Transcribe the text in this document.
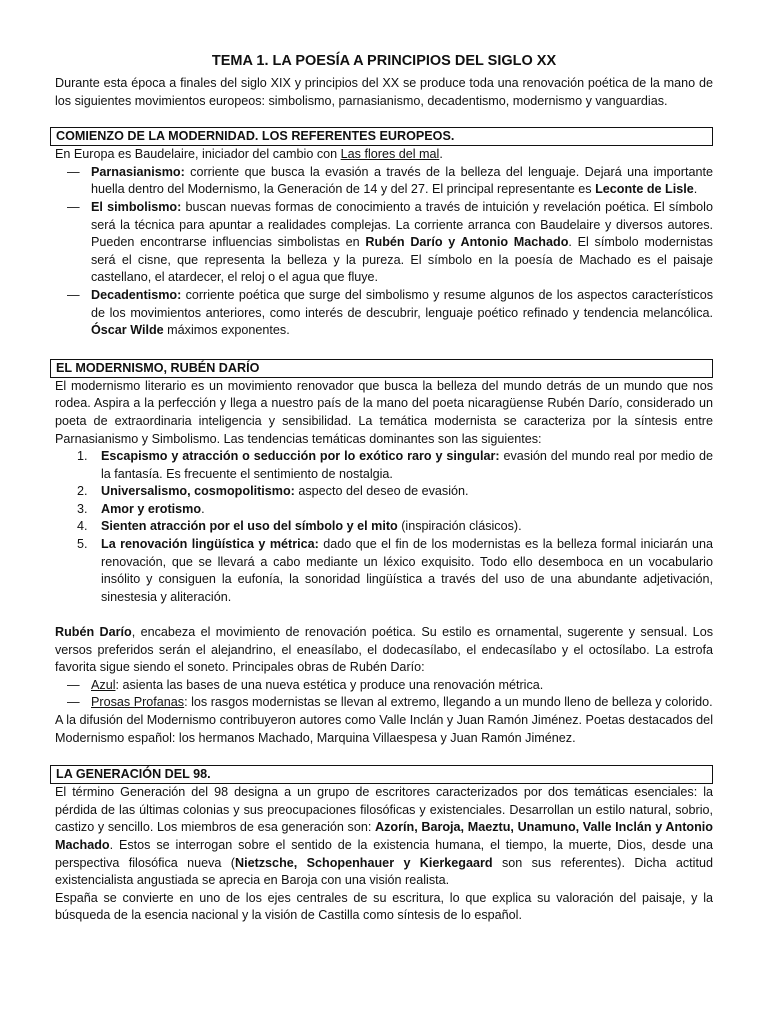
TEMA 1. LA POESÍA A PRINCIPIOS DEL SIGLO XX

Durante esta época a finales del siglo XIX y principios del XX se produce toda una renovación poética de la mano de los siguientes movimientos europeos: simbolismo, parnasianismo, decadentismo, modernismo y vanguardias.

COMIENZO DE LA MODERNIDAD. LOS REFERENTES EUROPEOS.

En Europa es Baudelaire, iniciador del cambio con Las flores del mal.

— Parnasianismo: corriente que busca la evasión a través de la belleza del lenguaje. Dejará una importante huella dentro del Modernismo, la Generación de 14 y del 27. El principal representante es Leconte de Lisle.
— El simbolismo: buscan nuevas formas de conocimiento a través de intuición y revelación poética. El símbolo será la técnica para apuntar a realidades complejas. La corriente arranca con Baudelaire y diversos autores. Pueden encontrarse influencias simbolistas en Rubén Darío y Antonio Machado. El símbolo modernistas será el cisne, que representa la belleza y la pureza. El símbolo en la poesía de Machado es el paisaje castellano, el atardecer, el reloj o el agua que fluye.
— Decadentismo: corriente poética que surge del simbolismo y resume algunos de los aspectos característicos de los movimientos anteriores, como interés de descubrir, lenguaje poético refinado y tendencia melancólica. Óscar Wilde máximos exponentes.
EL MODERNISMO, RUBÉN DARÍO

El modernismo literario es un movimiento renovador que busca la belleza del mundo detrás de un mundo que nos rodea. Aspira a la perfección y llega a nuestro país de la mano del poeta nicaragüense Rubén Darío, considerado un poeta de extraordinaria inteligencia y sensibilidad. La temática modernista se caracteriza por la síntesis entre Parnasianismo y Simbolismo. Las tendencias temáticas dominantes son las siguientes:

1. Escapismo y atracción o seducción por lo exótico raro y singular: evasión del mundo real por medio de la fantasía. Es frecuente el sentimiento de nostalgia.
2. Universalismo, cosmopolitismo: aspecto del deseo de evasión.
3. Amor y erotismo.
4. Sienten atracción por el uso del símbolo y el mito (inspiración clásicos).
5. La renovación lingüística y métrica: dado que el fin de los modernistas es la belleza formal iniciarán una renovación, que se llevará a cabo mediante un léxico exquisito. Todo ello desemboca en un vocabulario insólito y consiguen la eufonía, la sonoridad lingüística a través del uso de una abundante adjetivación, sinestesia y aliteración.

Rubén Darío, encabeza el movimiento de renovación poética. Su estilo es ornamental, sugerente y sensual. Los versos preferidos serán el alejandrino, el eneasílabo, el dodecasílabo, el endecasílabo y el octosílabo. La estrofa favorita sigue siendo el soneto. Principales obras de Rubén Darío:

— Azul: asienta las bases de una nueva estética y produce una renovación métrica.
— Prosas Profanas: los rasgos modernistas se llevan al extremo, llegando a un mundo lleno de belleza y colorido.

A la difusión del Modernismo contribuyeron autores como Valle Inclán y Juan Ramón Jiménez. Poetas destacados del Modernismo español: los hermanos Machado, Marquina Villaespesa y Juan Ramón Jiménez.

LA GENERACIÓN DEL 98.

El término Generación del 98 designa a un grupo de escritores caracterizados por dos temáticas esenciales: la pérdida de las últimas colonias y sus preocupaciones filosóficas y existenciales. Desarrollan un estilo natural, sobrio, castizo y sencillo. Los miembros de esa generación son: Azorín, Baroja, Maeztu, Unamuno, Valle Inclán y Antonio Machado. Estos se interrogan sobre el sentido de la existencia humana, el tiempo, la muerte, Dios, desde una perspectiva filosófica nueva (Nietzsche, Schopenhauer y Kierkegaard son sus referentes). Dicha actitud existencialista angustiada se aprecia en Baroja con una visión realista.

España se convierte en uno de los ejes centrales de su escritura, lo que explica su valoración del paisaje, y la búsqueda de la esencia nacional y la visión de Castilla como síntesis de lo español.
